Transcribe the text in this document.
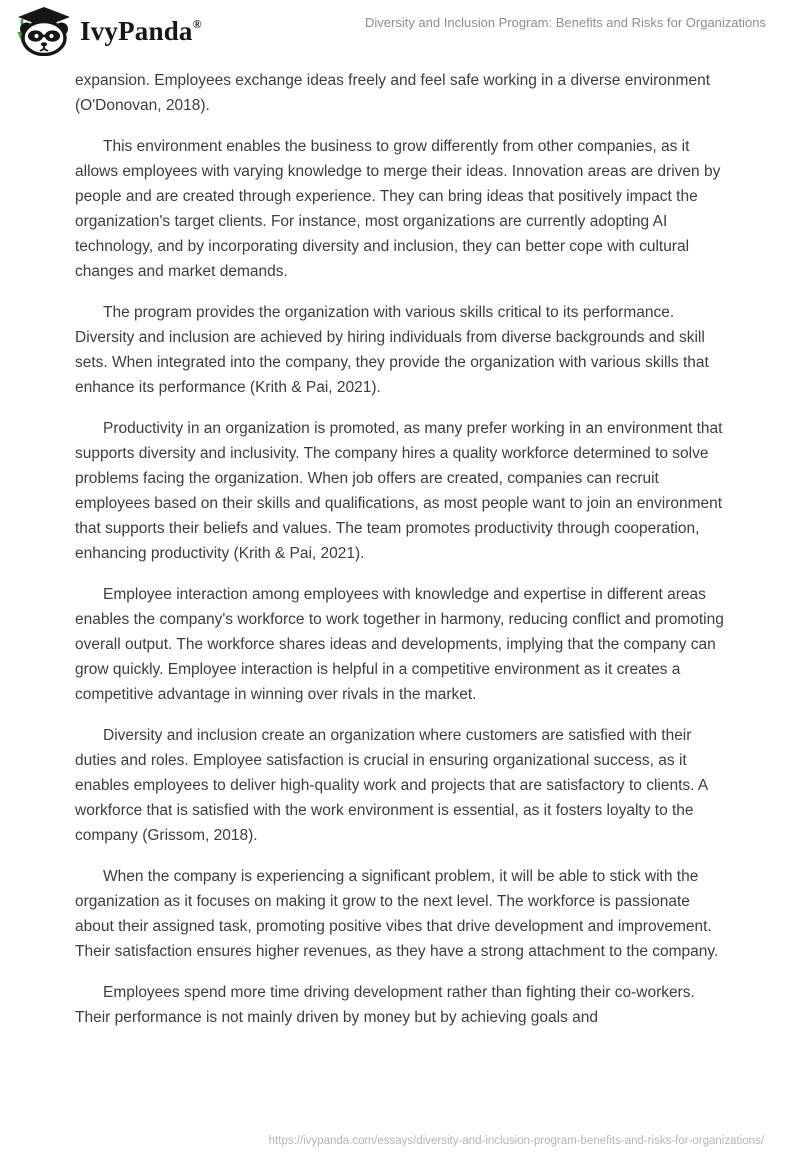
IvyPanda®	Diversity and Inclusion Program: Benefits and Risks for Organizations

expansion. Employees exchange ideas freely and feel safe working in a diverse environment (O'Donovan, 2018).

This environment enables the business to grow differently from other companies, as it allows employees with varying knowledge to merge their ideas. Innovation areas are driven by people and are created through experience. They can bring ideas that positively impact the organization's target clients. For instance, most organizations are currently adopting AI technology, and by incorporating diversity and inclusion, they can better cope with cultural changes and market demands.

The program provides the organization with various skills critical to its performance. Diversity and inclusion are achieved by hiring individuals from diverse backgrounds and skill sets. When integrated into the company, they provide the organization with various skills that enhance its performance (Krith & Pai, 2021).

Productivity in an organization is promoted, as many prefer working in an environment that supports diversity and inclusivity. The company hires a quality workforce determined to solve problems facing the organization. When job offers are created, companies can recruit employees based on their skills and qualifications, as most people want to join an environment that supports their beliefs and values. The team promotes productivity through cooperation, enhancing productivity (Krith & Pai, 2021).

Employee interaction among employees with knowledge and expertise in different areas enables the company's workforce to work together in harmony, reducing conflict and promoting overall output. The workforce shares ideas and developments, implying that the company can grow quickly. Employee interaction is helpful in a competitive environment as it creates a competitive advantage in winning over rivals in the market.

Diversity and inclusion create an organization where customers are satisfied with their duties and roles. Employee satisfaction is crucial in ensuring organizational success, as it enables employees to deliver high-quality work and projects that are satisfactory to clients. A workforce that is satisfied with the work environment is essential, as it fosters loyalty to the company (Grissom, 2018).

When the company is experiencing a significant problem, it will be able to stick with the organization as it focuses on making it grow to the next level. The workforce is passionate about their assigned task, promoting positive vibes that drive development and improvement. Their satisfaction ensures higher revenues, as they have a strong attachment to the company.

Employees spend more time driving development rather than fighting their co-workers. Their performance is not mainly driven by money but by achieving goals and

https://ivypanda.com/essays/diversity-and-inclusion-program-benefits-and-risks-for-organizations/
